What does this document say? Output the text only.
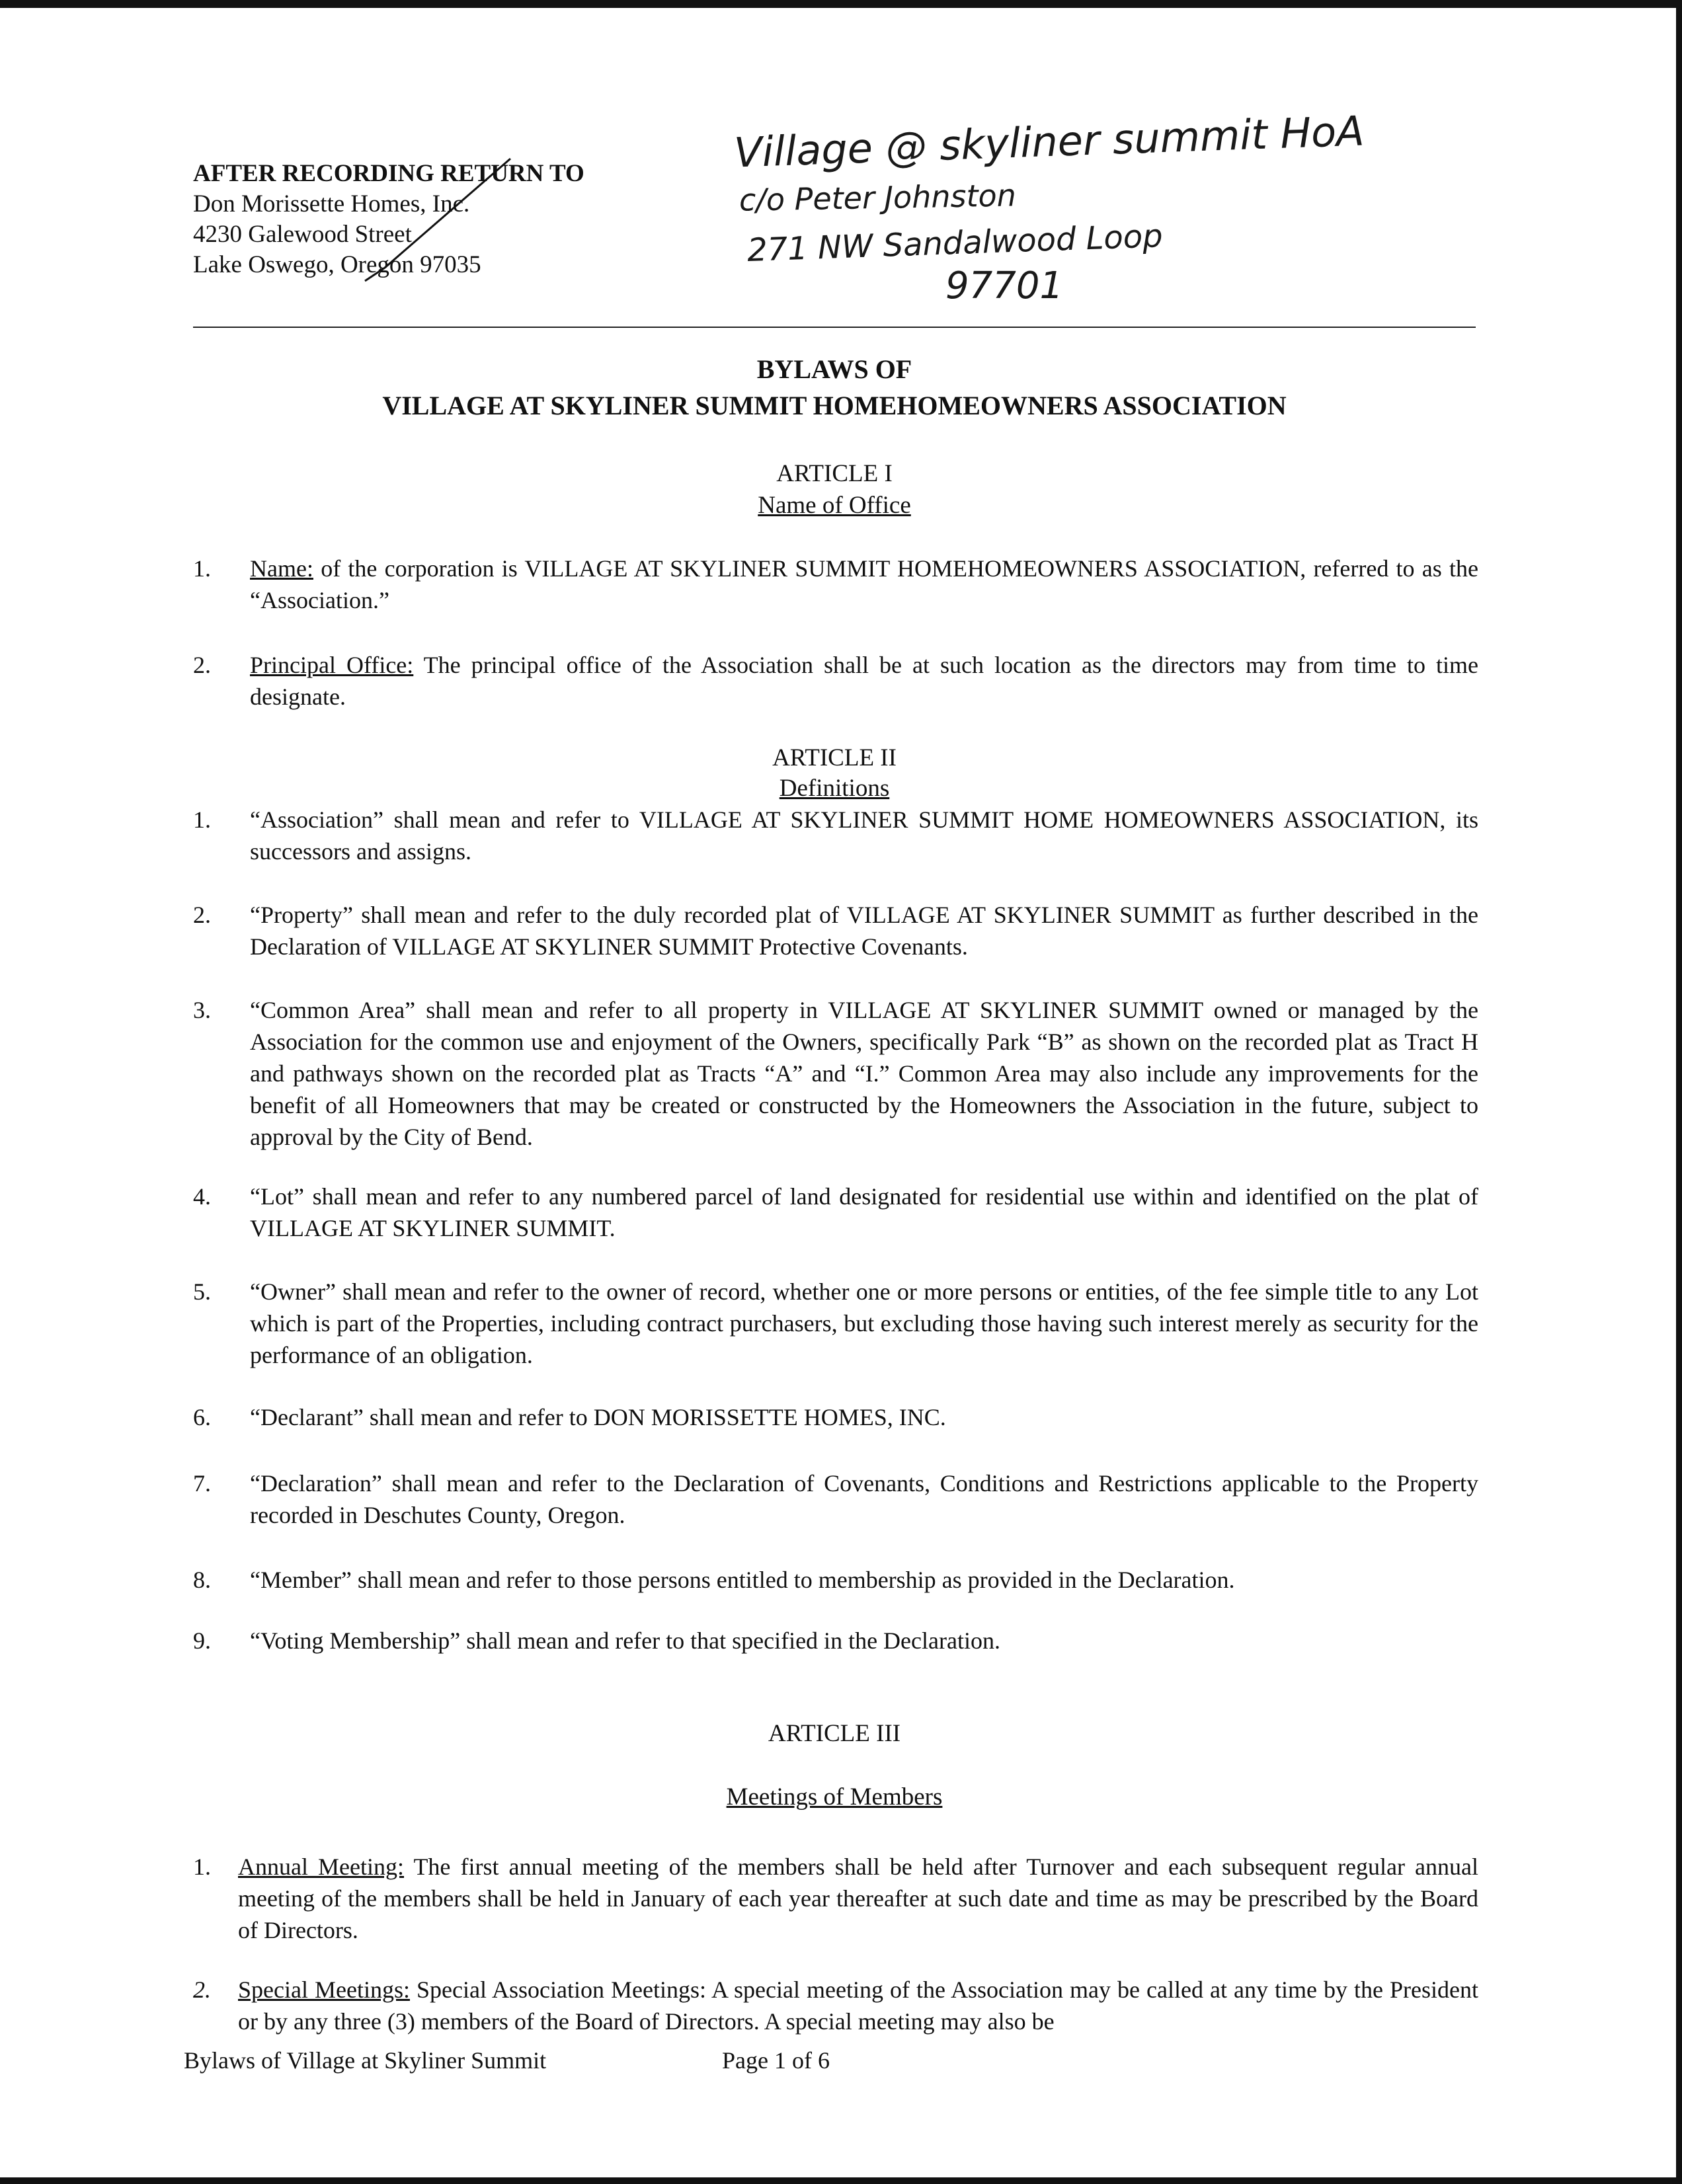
AFTER RECORDING RETURN TO
Don Morissette Homes, Inc.
4230 Galewood Street
Lake Oswego, Oregon 97035
Village @ skyliner summit HoA
c/o Peter Johnston
271 NW Sandalwood Loop
97701
BYLAWS OF
VILLAGE AT SKYLINER SUMMIT HOMEHOMEOWNERS ASSOCIATION
ARTICLE I
Name of Office
1.	Name: of the corporation is VILLAGE AT SKYLINER SUMMIT HOMEHOMEOWNERS ASSOCIATION, referred to as the “Association.”
2.	Principal Office: The principal office of the Association shall be at such location as the directors may from time to time designate.
ARTICLE II
Definitions
1.	“Association” shall mean and refer to VILLAGE AT SKYLINER SUMMIT HOME HOMEOWNERS ASSOCIATION, its successors and assigns.
2.	“Property” shall mean and refer to the duly recorded plat of VILLAGE AT SKYLINER SUMMIT as further described in the Declaration of VILLAGE AT SKYLINER SUMMIT Protective Covenants.
3.	“Common Area” shall mean and refer to all property in VILLAGE AT SKYLINER SUMMIT owned or managed by the Association for the common use and enjoyment of the Owners, specifically Park “B” as shown on the recorded plat as Tract H and pathways shown on the recorded plat as Tracts “A” and “I.” Common Area may also include any improvements for the benefit of all Homeowners that may be created or constructed by the Homeowners the Association in the future, subject to approval by the City of Bend.
4.	“Lot” shall mean and refer to any numbered parcel of land designated for residential use within and identified on the plat of VILLAGE AT SKYLINER SUMMIT.
5.	“Owner” shall mean and refer to the owner of record, whether one or more persons or entities, of the fee simple title to any Lot which is part of the Properties, including contract purchasers, but excluding those having such interest merely as security for the performance of an obligation.
6.	“Declarant” shall mean and refer to DON MORISSETTE HOMES, INC.
7.	“Declaration” shall mean and refer to the Declaration of Covenants, Conditions and Restrictions applicable to the Property recorded in Deschutes County, Oregon.
8.	“Member” shall mean and refer to those persons entitled to membership as provided in the Declaration.
9.	“Voting Membership” shall mean and refer to that specified in the Declaration.
ARTICLE III
Meetings of Members
1.	Annual Meeting: The first annual meeting of the members shall be held after Turnover and each subsequent regular annual meeting of the members shall be held in January of each year thereafter at such date and time as may be prescribed by the Board of Directors.
2.	Special Meetings: Special Association Meetings: A special meeting of the Association may be called at any time by the President or by any three (3) members of the Board of Directors. A special meeting may also be
Bylaws of Village at Skyliner Summit	Page 1 of 6
